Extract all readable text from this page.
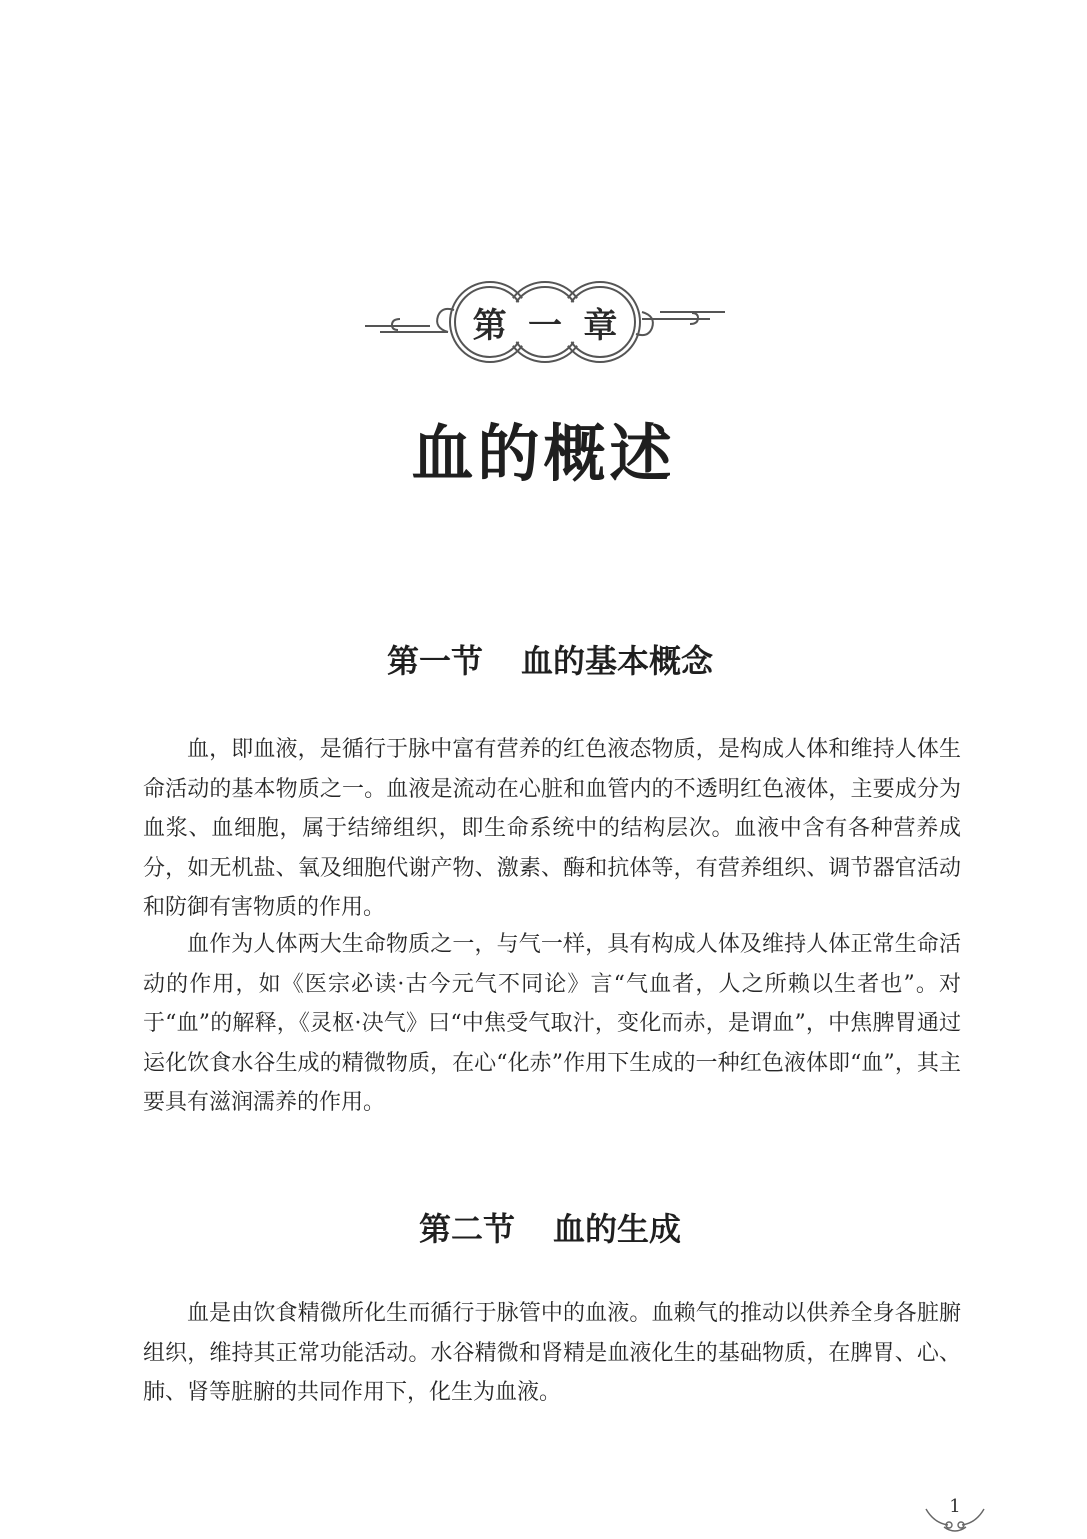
第 一 章
血的概述
第一节 血的基本概念

血，即血液，是循行于脉中富有营养的红色液态物质，是构成人体和维持人体生命活动的基本物质之一。血液是流动在心脏和血管内的不透明红色液体，主要成分为血浆、血细胞，属于结缔组织，即生命系统中的结构层次。血液中含有各种营养成分，如无机盐、氧及细胞代谢产物、激素、酶和抗体等，有营养组织、调节器官活动和防御有害物质的作用。

血作为人体两大生命物质之一，与气一样，具有构成人体及维持人体正常生命活动的作用，如《医宗必读·古今元气不同论》言“气血者，人之所赖以生者也”。对于“血”的解释，《灵枢·决气》曰“中焦受气取汁，变化而赤，是谓血”，中焦脾胃通过运化饮食水谷生成的精微物质，在心“化赤”作用下生成的一种红色液体即“血”，其主要具有滋润濡养的作用。

第二节 血的生成

血是由饮食精微所化生而循行于脉管中的血液。血赖气的推动以供养全身各脏腑组织，维持其正常功能活动。水谷精微和肾精是血液化生的基础物质，在脾胃、心、肺、肾等脏腑的共同作用下，化生为血液。

1
